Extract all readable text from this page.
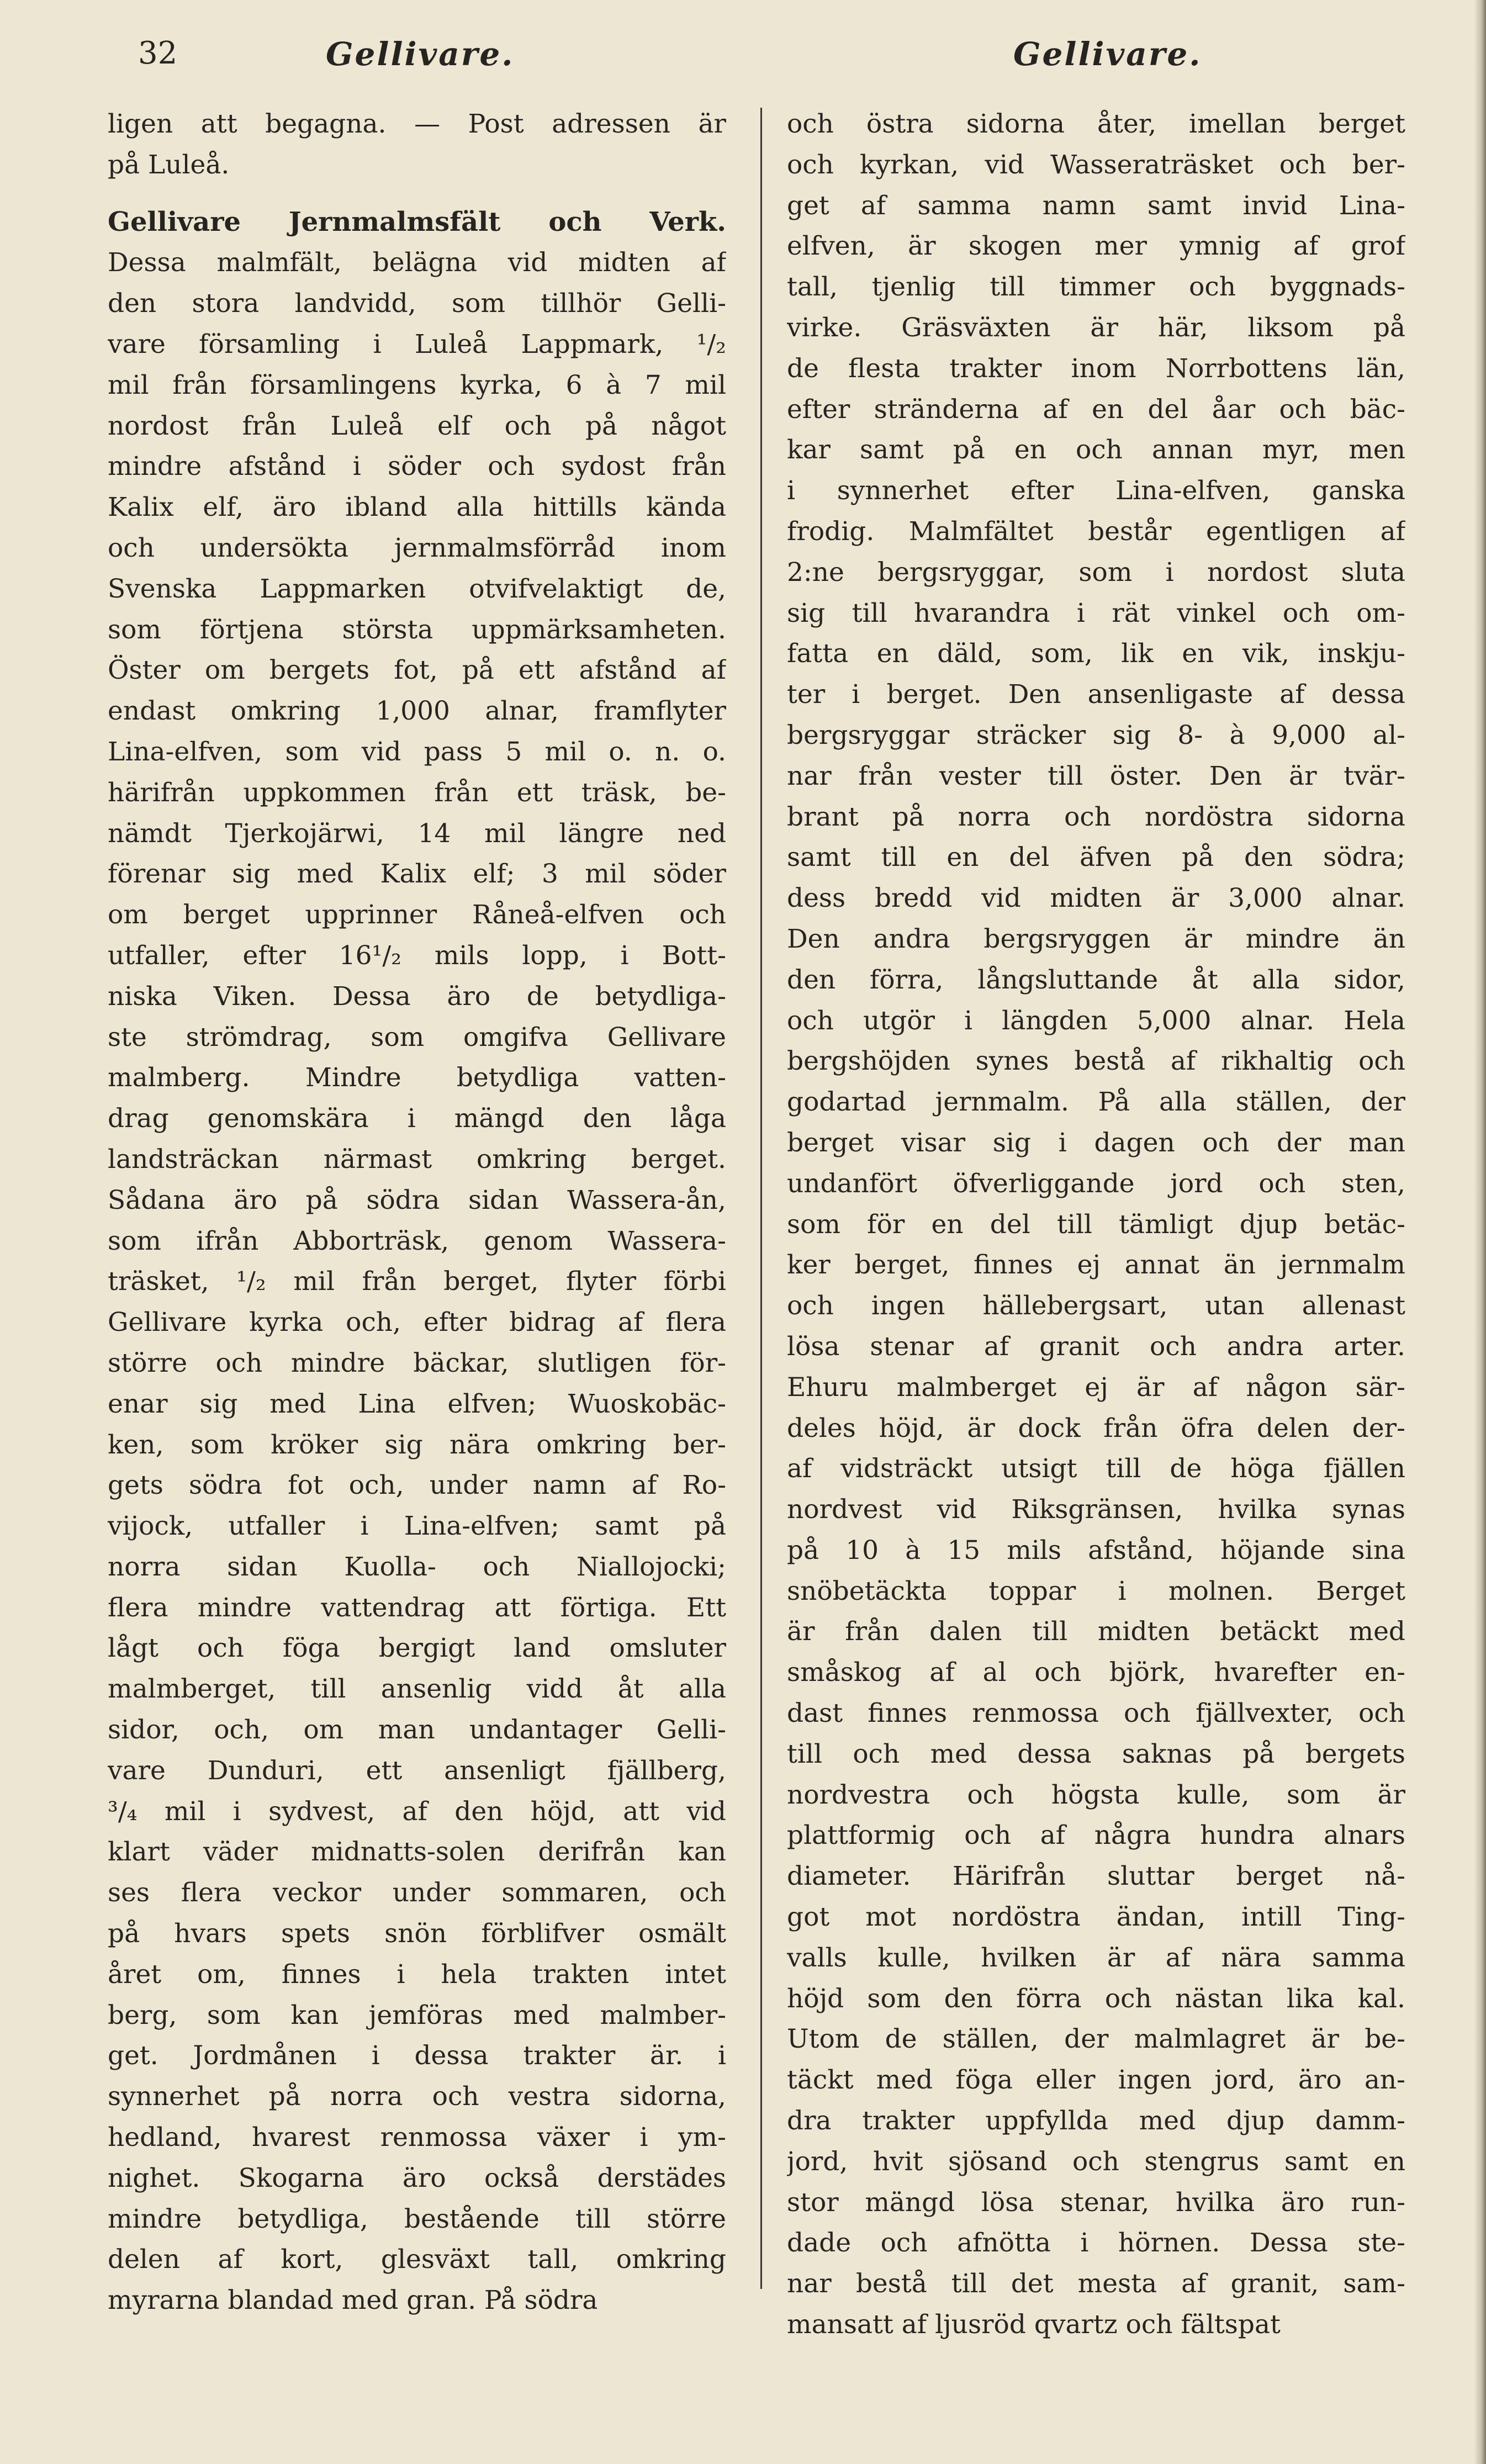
32	Gellivare.	Gellivare.
ligen att begagna. — Post adressen är
på Luleå.
Gellivare Jernmalmsfält och Verk.
Dessa malmfält, belägna vid midten af
den stora landvidd, som tillhör Gelli-
vare församling i Luleå Lappmark, ¹/₂
mil från församlingens kyrka, 6 à 7 mil
nordost från Luleå elf och på något
mindre afstånd i söder och sydost från
Kalix elf, äro ibland alla hittills kända
och undersökta jernmalmsförråd inom
Svenska Lappmarken otvifvelaktigt de,
som förtjena största uppmärksamheten.
Öster om bergets fot, på ett afstånd af
endast omkring 1,000 alnar, framflyter
Lina-elfven, som vid pass 5 mil o. n. o.
härifrån uppkommen från ett träsk, be-
nämdt Tjerkojärwi, 14 mil längre ned
förenar sig med Kalix elf; 3 mil söder
om berget upprinner Råneå-elfven och
utfaller, efter 16¹/₂ mils lopp, i Bott-
niska Viken. Dessa äro de betydliga-
ste strömdrag, som omgifva Gellivare
malmberg. Mindre betydliga vatten-
drag genomskära i mängd den låga
landsträckan närmast omkring berget.
Sådana äro på södra sidan Wassera-ån,
som ifrån Abborträsk, genom Wassera-
träsket, ¹/₂ mil från berget, flyter förbi
Gellivare kyrka och, efter bidrag af flera
större och mindre bäckar, slutligen för-
enar sig med Lina elfven; Wuoskobäc-
ken, som kröker sig nära omkring ber-
gets södra fot och, under namn af Ro-
vijock, utfaller i Lina-elfven; samt på
norra sidan Kuolla- och Niallojocki;
flera mindre vattendrag att förtiga. Ett
lågt och föga bergigt land omsluter
malmberget, till ansenlig vidd åt alla
sidor, och, om man undantager Gelli-
vare Dunduri, ett ansenligt fjällberg,
³/₄ mil i sydvest, af den höjd, att vid
klart väder midnatts-solen derifrån kan
ses flera veckor under sommaren, och
på hvars spets snön förblifver osmält
året om, finnes i hela trakten intet
berg, som kan jemföras med malmber-
get. Jordmånen i dessa trakter är. i
synnerhet på norra och vestra sidorna,
hedland, hvarest renmossa växer i ym-
nighet. Skogarna äro också derstädes
mindre betydliga, bestående till större
delen af kort, glesväxt tall, omkring
myrarna blandad med gran. På södra
och östra sidorna åter, imellan berget
och kyrkan, vid Wasseraträsket och ber-
get af samma namn samt invid Lina-
elfven, är skogen mer ymnig af grof
tall, tjenlig till timmer och byggnads-
virke. Gräsväxten är här, liksom på
de flesta trakter inom Norrbottens län,
efter stränderna af en del åar och bäc-
kar samt på en och annan myr, men
i synnerhet efter Lina-elfven, ganska
frodig. Malmfältet består egentligen af
2:ne bergsryggar, som i nordost sluta
sig till hvarandra i rät vinkel och om-
fatta en däld, som, lik en vik, inskju-
ter i berget. Den ansenligaste af dessa
bergsryggar sträcker sig 8- à 9,000 al-
nar från vester till öster. Den är tvär-
brant på norra och nordöstra sidorna
samt till en del äfven på den södra;
dess bredd vid midten är 3,000 alnar.
Den andra bergsryggen är mindre än
den förra, långsluttande åt alla sidor,
och utgör i längden 5,000 alnar. Hela
bergshöjden synes bestå af rikhaltig och
godartad jernmalm. På alla ställen, der
berget visar sig i dagen och der man
undanfört öfverliggande jord och sten,
som för en del till tämligt djup betäc-
ker berget, finnes ej annat än jernmalm
och ingen hällebergsart, utan allenast
lösa stenar af granit och andra arter.
Ehuru malmberget ej är af någon sär-
deles höjd, är dock från öfra delen der-
af vidsträckt utsigt till de höga fjällen
nordvest vid Riksgränsen, hvilka synas
på 10 à 15 mils afstånd, höjande sina
snöbetäckta toppar i molnen. Berget
är från dalen till midten betäckt med
småskog af al och björk, hvarefter en-
dast finnes renmossa och fjällvexter, och
till och med dessa saknas på bergets
nordvestra och högsta kulle, som är
plattformig och af några hundra alnars
diameter. Härifrån sluttar berget nå-
got mot nordöstra ändan, intill Ting-
valls kulle, hvilken är af nära samma
höjd som den förra och nästan lika kal.
Utom de ställen, der malmlagret är be-
täckt med föga eller ingen jord, äro an-
dra trakter uppfyllda med djup damm-
jord, hvit sjösand och stengrus samt en
stor mängd lösa stenar, hvilka äro run-
dade och afnötta i hörnen. Dessa ste-
nar bestå till det mesta af granit, sam-
mansatt af ljusröd qvartz och fältspat
